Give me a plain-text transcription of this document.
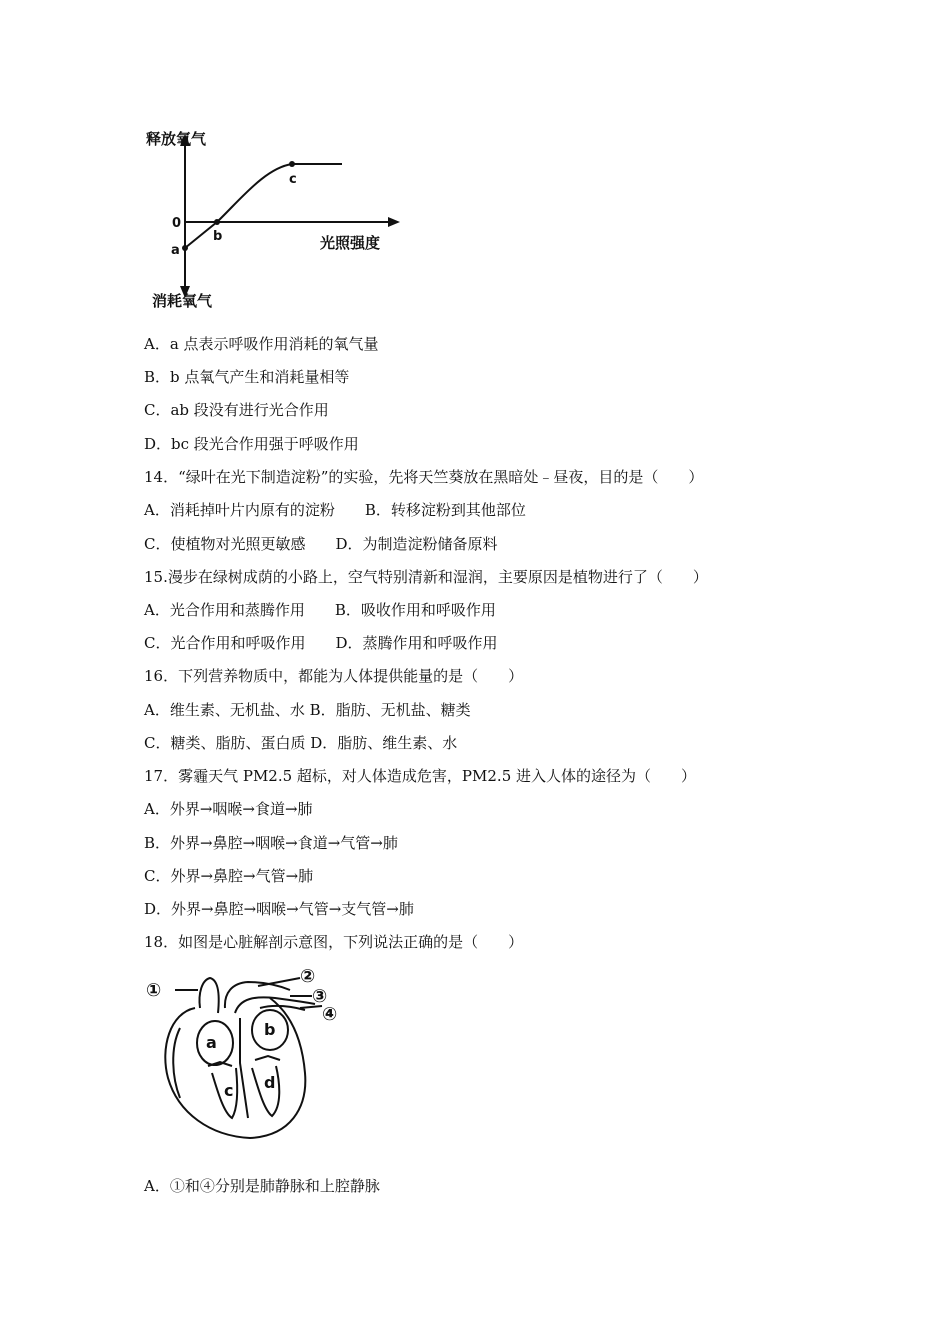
释放氧气
消耗氧气
光照强度
0
a
b
c
A．a 点表示呼吸作用消耗的氧气量
B．b 点氧气产生和消耗量相等
C．ab 段没有进行光合作用
D．bc 段光合作用强于呼吸作用
14．“绿叶在光下制造淀粉”的实验，先将天竺葵放在黑暗处﹣昼夜，目的是（　　）
A．消耗掉叶片内原有的淀粉　　B．转移淀粉到其他部位
C．使植物对光照更敏感　　D．为制造淀粉储备原料
15.漫步在绿树成荫的小路上，空气特别清新和湿润，主要原因是植物进行了（　　）
A．光合作用和蒸腾作用　　B．吸收作用和呼吸作用
C．光合作用和呼吸作用　　D．蒸腾作用和呼吸作用
16．下列营养物质中，都能为人体提供能量的是（　　）
A．维生素、无机盐、水 B．脂肪、无机盐、糖类
C．糖类、脂肪、蛋白质 D．脂肪、维生素、水
17．雾霾天气 PM2.5 超标，对人体造成危害，PM2.5 进入人体的途径为（　　）
A．外界→咽喉→食道→肺
B．外界→鼻腔→咽喉→食道→气管→肺
C．外界→鼻腔→气管→肺
D．外界→鼻腔→咽喉→气管→支气管→肺
18．如图是心脏解剖示意图，下列说法正确的是（　　）
①
②
③
④
a
b
c d
A．①和④分别是肺静脉和上腔静脉
